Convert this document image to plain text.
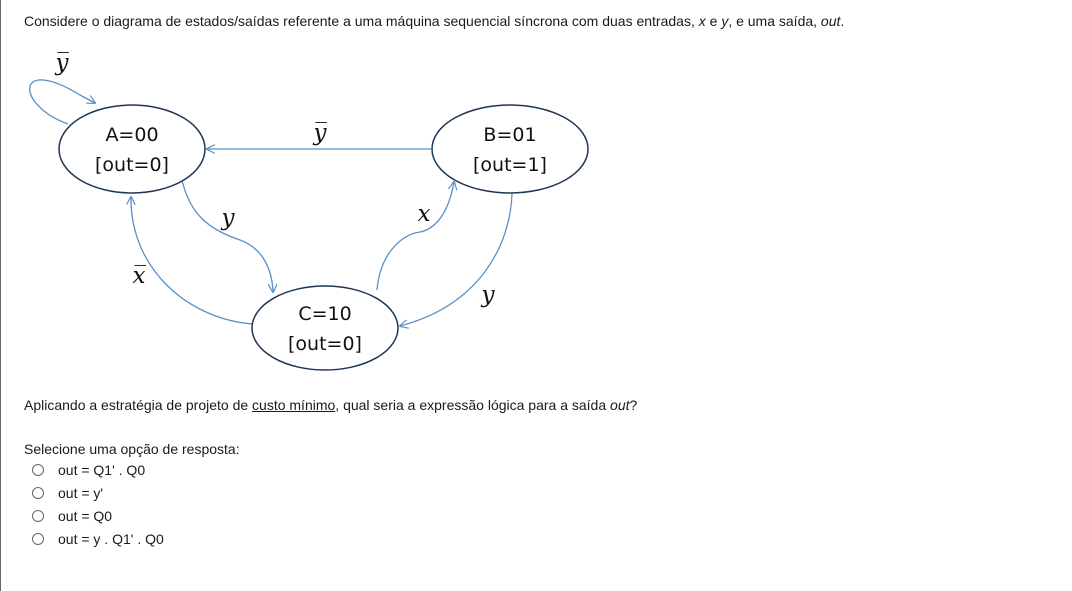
Considere o diagrama de estados/saídas referente a uma máquina sequencial síncrona com duas entradas, x e y, e uma saída, out.
A=00
[out=0]
B=01
[out=1]
C=10
[out=0]
y̅
y̅
y
x̅
x
y
Aplicando a estratégia de projeto de custo mínimo, qual seria a expressão lógica para a saída out?
Selecione uma opção de resposta:
out = Q1' . Q0
out = y'
out = Q0
out = y . Q1' . Q0
